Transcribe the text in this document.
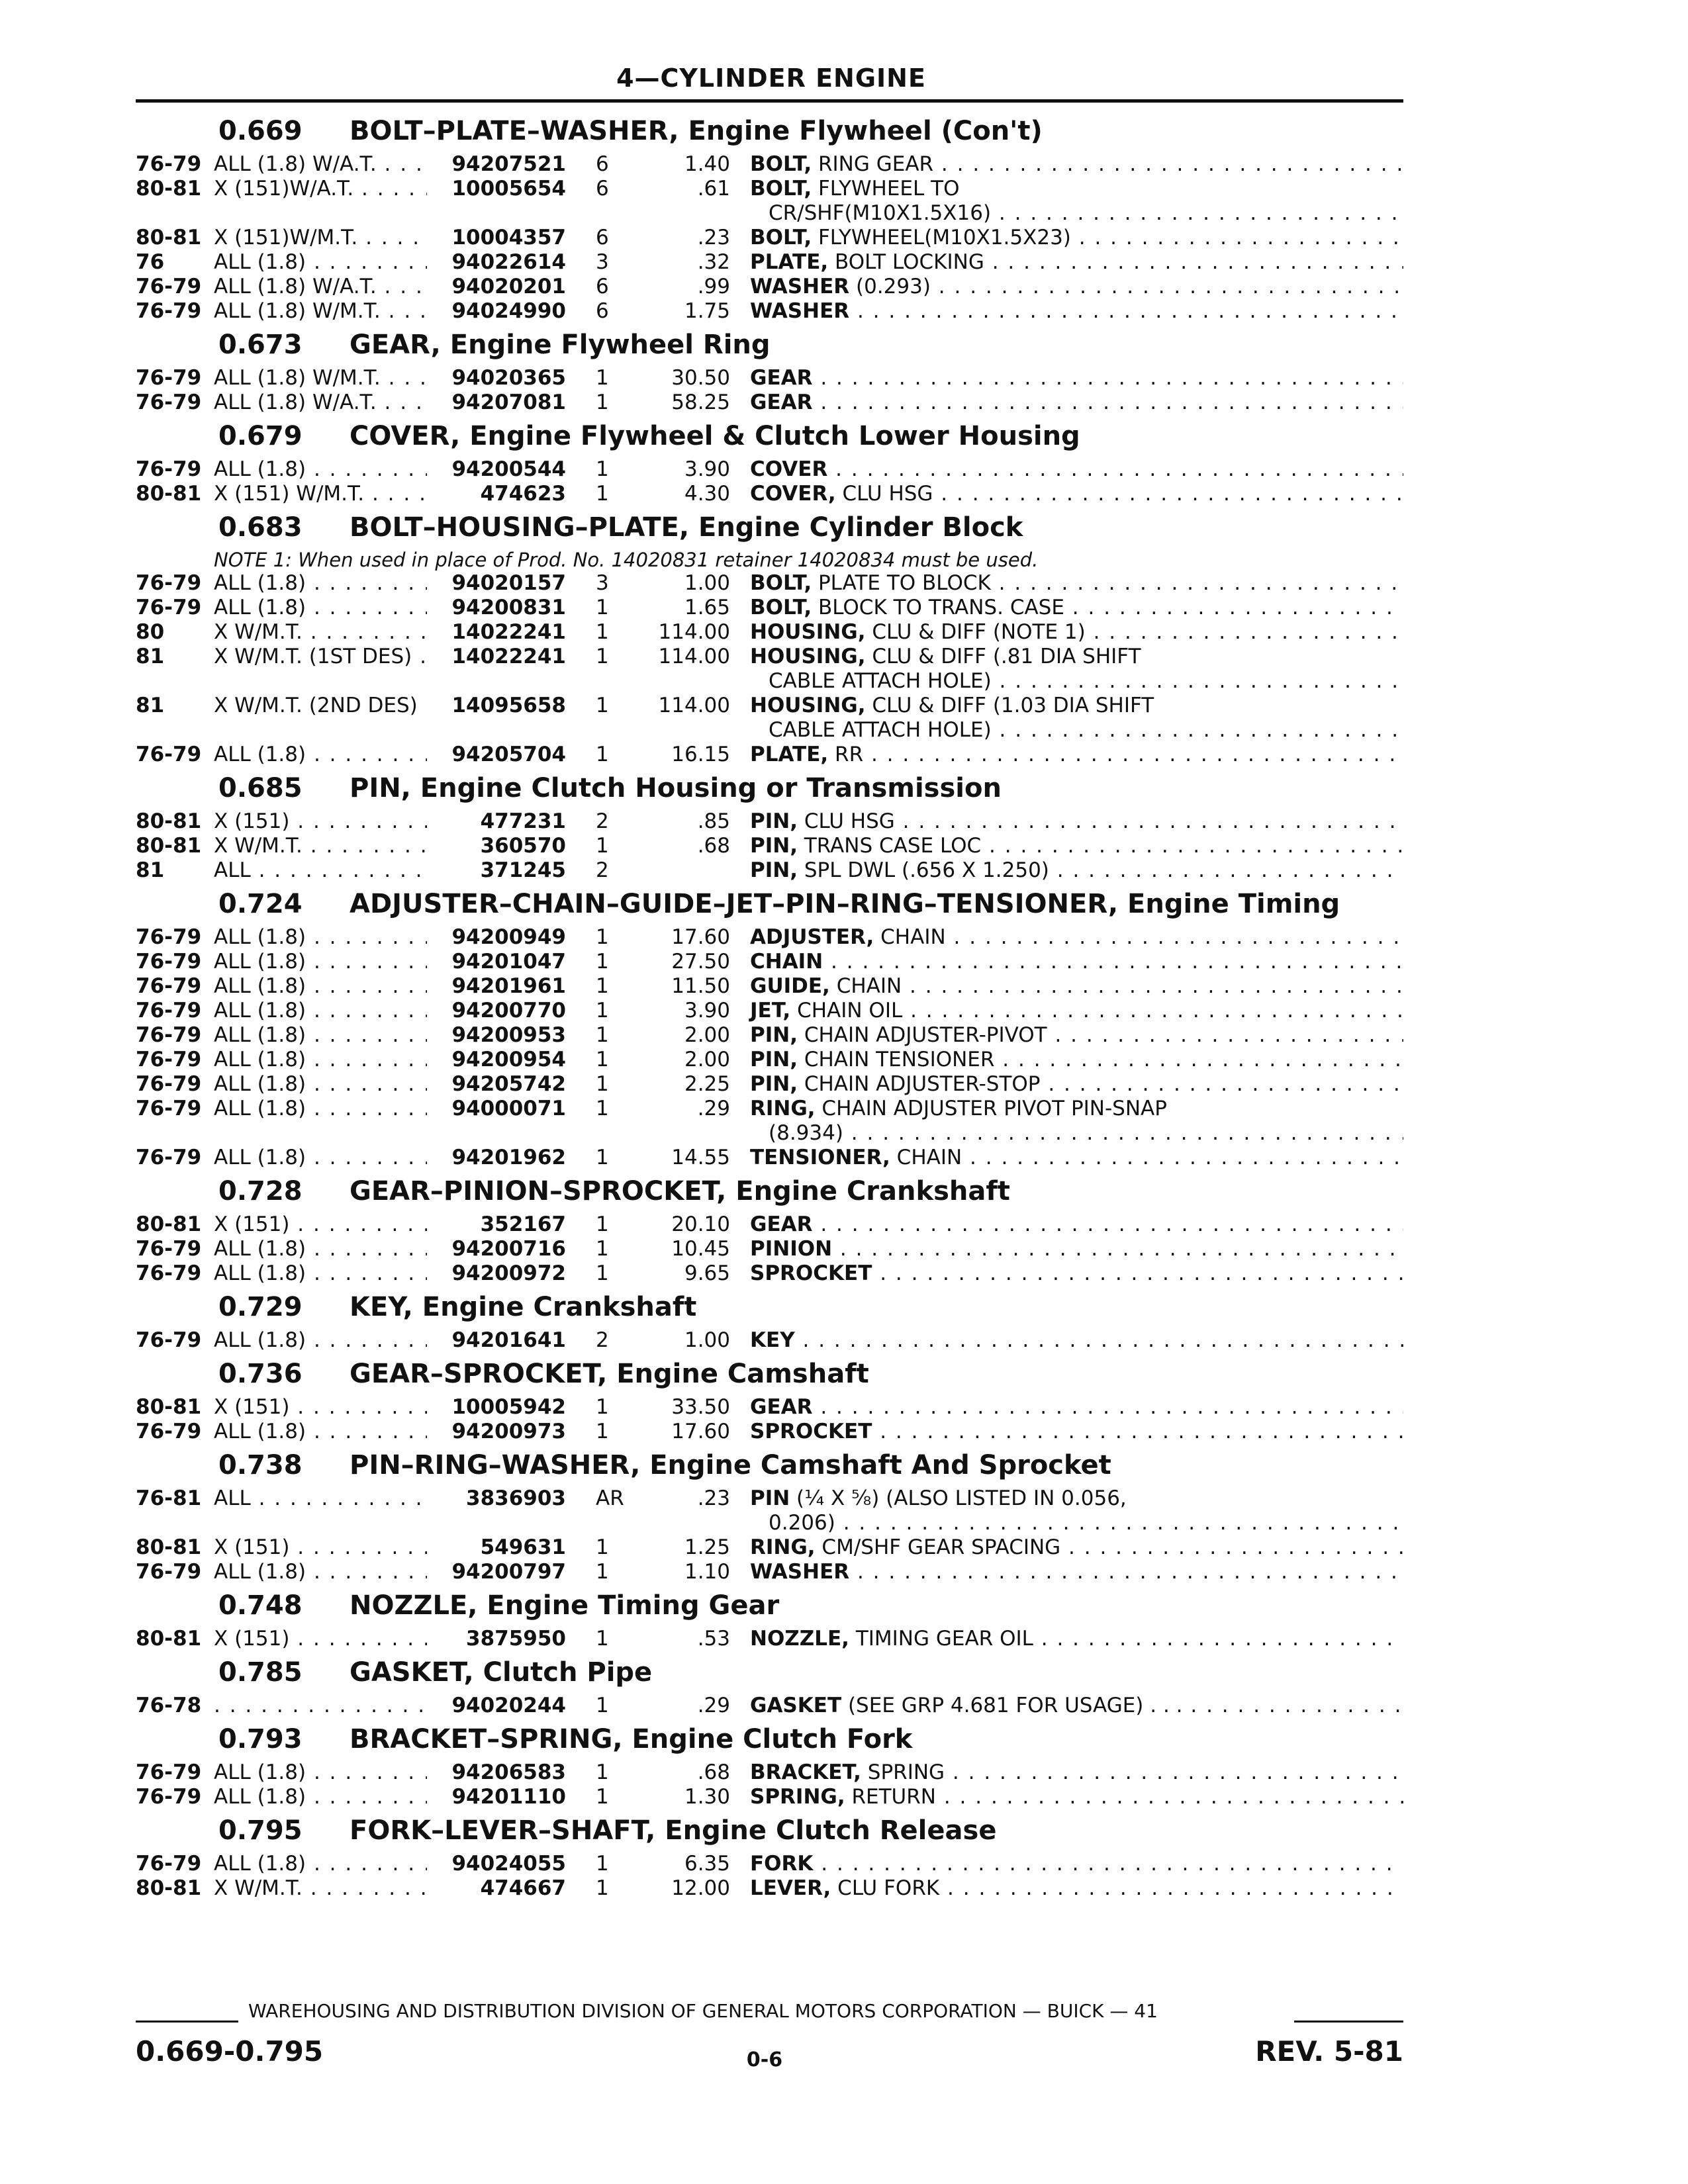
4—CYLINDER ENGINE
0.669 BOLT–PLATE–WASHER, Engine Flywheel (Con't)
76-79 ALL (1.8) W/A.T. . . .	94207521	6	1.40 BOLT, RING GEAR . . .
80-81 X (151)W/A.T. . . .	10005654	6	.61 BOLT, FLYWHEEL TO
CR/SHF(M10X1.5X16) . . .
80-81 X (151)W/M.T. . . .	10004357	6	.23 BOLT, FLYWHEEL(M10X1.5X23) . . .
76	ALL (1.8) . . .	94022614	3	.32 PLATE, BOLT LOCKING . . .
76-79 ALL (1.8) W/A.T. . . .	94020201	6	.99 WASHER (0.293) . . .
76-79 ALL (1.8) W/M.T. . . .	94024990	6	1.75 WASHER . . .
0.673 GEAR, Engine Flywheel Ring
76-79 ALL (1.8) W/M.T. . . .	94020365	1	30.50 GEAR . . .
76-79 ALL (1.8) W/A.T. . . .	94207081	1	58.25 GEAR . . .
0.679 COVER, Engine Flywheel & Clutch Lower Housing
76-79 ALL (1.8) . . .	94200544	1	3.90 COVER . . .
80-81 X (151) W/M.T. . . .	474623	1	4.30 COVER, CLU HSG . . .
0.683 BOLT–HOUSING–PLATE, Engine Cylinder Block
NOTE 1: When used in place of Prod. No. 14020831 retainer 14020834 must be used.
76-79 ALL (1.8) . . .	94020157	3	1.00 BOLT, PLATE TO BLOCK . . .
76-79 ALL (1.8) . . .	94200831	1	1.65 BOLT, BLOCK TO TRANS. CASE . . .
80	X W/M.T. . . .	14022241	1	114.00 HOUSING, CLU & DIFF (NOTE 1) . . .
81	X W/M.T. (1ST DES) . . .	14022241	1	114.00 HOUSING, CLU & DIFF (.81 DIA SHIFT
CABLE ATTACH HOLE) . . .
81	X W/M.T. (2ND DES) . . .	14095658	1	114.00 HOUSING, CLU & DIFF (1.03 DIA SHIFT
CABLE ATTACH HOLE) . . .
76-79 ALL (1.8) . . .	94205704	1	16.15 PLATE, RR . . .
0.685 PIN, Engine Clutch Housing or Transmission
80-81 X (151) . . .	477231	2	.85 PIN, CLU HSG . . .
80-81 X W/M.T. . . .	360570	1	.68 PIN, TRANS CASE LOC . . .
81	ALL . . .	371245	2	PIN, SPL DWL (.656 X 1.250) . . .
0.724 ADJUSTER–CHAIN–GUIDE–JET–PIN–RING–TENSIONER, Engine Timing
76-79 ALL (1.8) . . .	94200949	1	17.60 ADJUSTER, CHAIN . . .
76-79 ALL (1.8) . . .	94201047	1	27.50 CHAIN . . .
76-79 ALL (1.8) . . .	94201961	1	11.50 GUIDE, CHAIN . . .
76-79 ALL (1.8) . . .	94200770	1	3.90 JET, CHAIN OIL . . .
76-79 ALL (1.8) . . .	94200953	1	2.00 PIN, CHAIN ADJUSTER-PIVOT . . .
76-79 ALL (1.8) . . .	94200954	1	2.00 PIN, CHAIN TENSIONER . . .
76-79 ALL (1.8) . . .	94205742	1	2.25 PIN, CHAIN ADJUSTER-STOP . . .
76-79 ALL (1.8) . . .	94000071	1	.29 RING, CHAIN ADJUSTER PIVOT PIN-SNAP
(8.934) . . .
76-79 ALL (1.8) . . .	94201962	1	14.55 TENSIONER, CHAIN . . .
0.728 GEAR–PINION–SPROCKET, Engine Crankshaft
80-81 X (151) . . .	352167	1	20.10 GEAR . . .
76-79 ALL (1.8) . . .	94200716	1	10.45 PINION . . .
76-79 ALL (1.8) . . .	94200972	1	9.65 SPROCKET . . .
0.729 KEY, Engine Crankshaft
76-79 ALL (1.8) . . .	94201641	2	1.00 KEY . . .
0.736 GEAR–SPROCKET, Engine Camshaft
80-81 X (151) . . .	10005942	1	33.50 GEAR . . .
76-79 ALL (1.8) . . .	94200973	1	17.60 SPROCKET . . .
0.738 PIN–RING–WASHER, Engine Camshaft And Sprocket
76-81 ALL . . .	3836903	AR	.23 PIN (¼ X ⅝) (ALSO LISTED IN 0.056,
0.206) . . .
80-81 X (151) . . .	549631	1	1.25 RING, CM/SHF GEAR SPACING . . .
76-79 ALL (1.8) . . .	94200797	1	1.10 WASHER . . .
0.748 NOZZLE, Engine Timing Gear
80-81 X (151) . . .	3875950	1	.53 NOZZLE, TIMING GEAR OIL . . .
0.785 GASKET, Clutch Pipe
76-78
. . .	94020244	1	.29 GASKET (SEE GRP 4.681 FOR USAGE) . . . . . .
0.793 BRACKET–SPRING, Engine Clutch Fork
76-79 ALL (1.8) . . .	94206583	1	.68 BRACKET, SPRING . . .
76-79 ALL (1.8) . . .	94201110	1	1.30 SPRING, RETURN . . .
0.795 FORK–LEVER–SHAFT, Engine Clutch Release
76-79 ALL (1.8) . . .	94024055	1	6.35 FORK . . .
80-81 X W/M.T. . . .	474667	1	12.00 LEVER, CLU FORK . . .
WAREHOUSING AND DISTRIBUTION DIVISION OF GENERAL MOTORS CORPORATION — BUICK — 41
0.669-0.795	0-6	REV. 5-81
